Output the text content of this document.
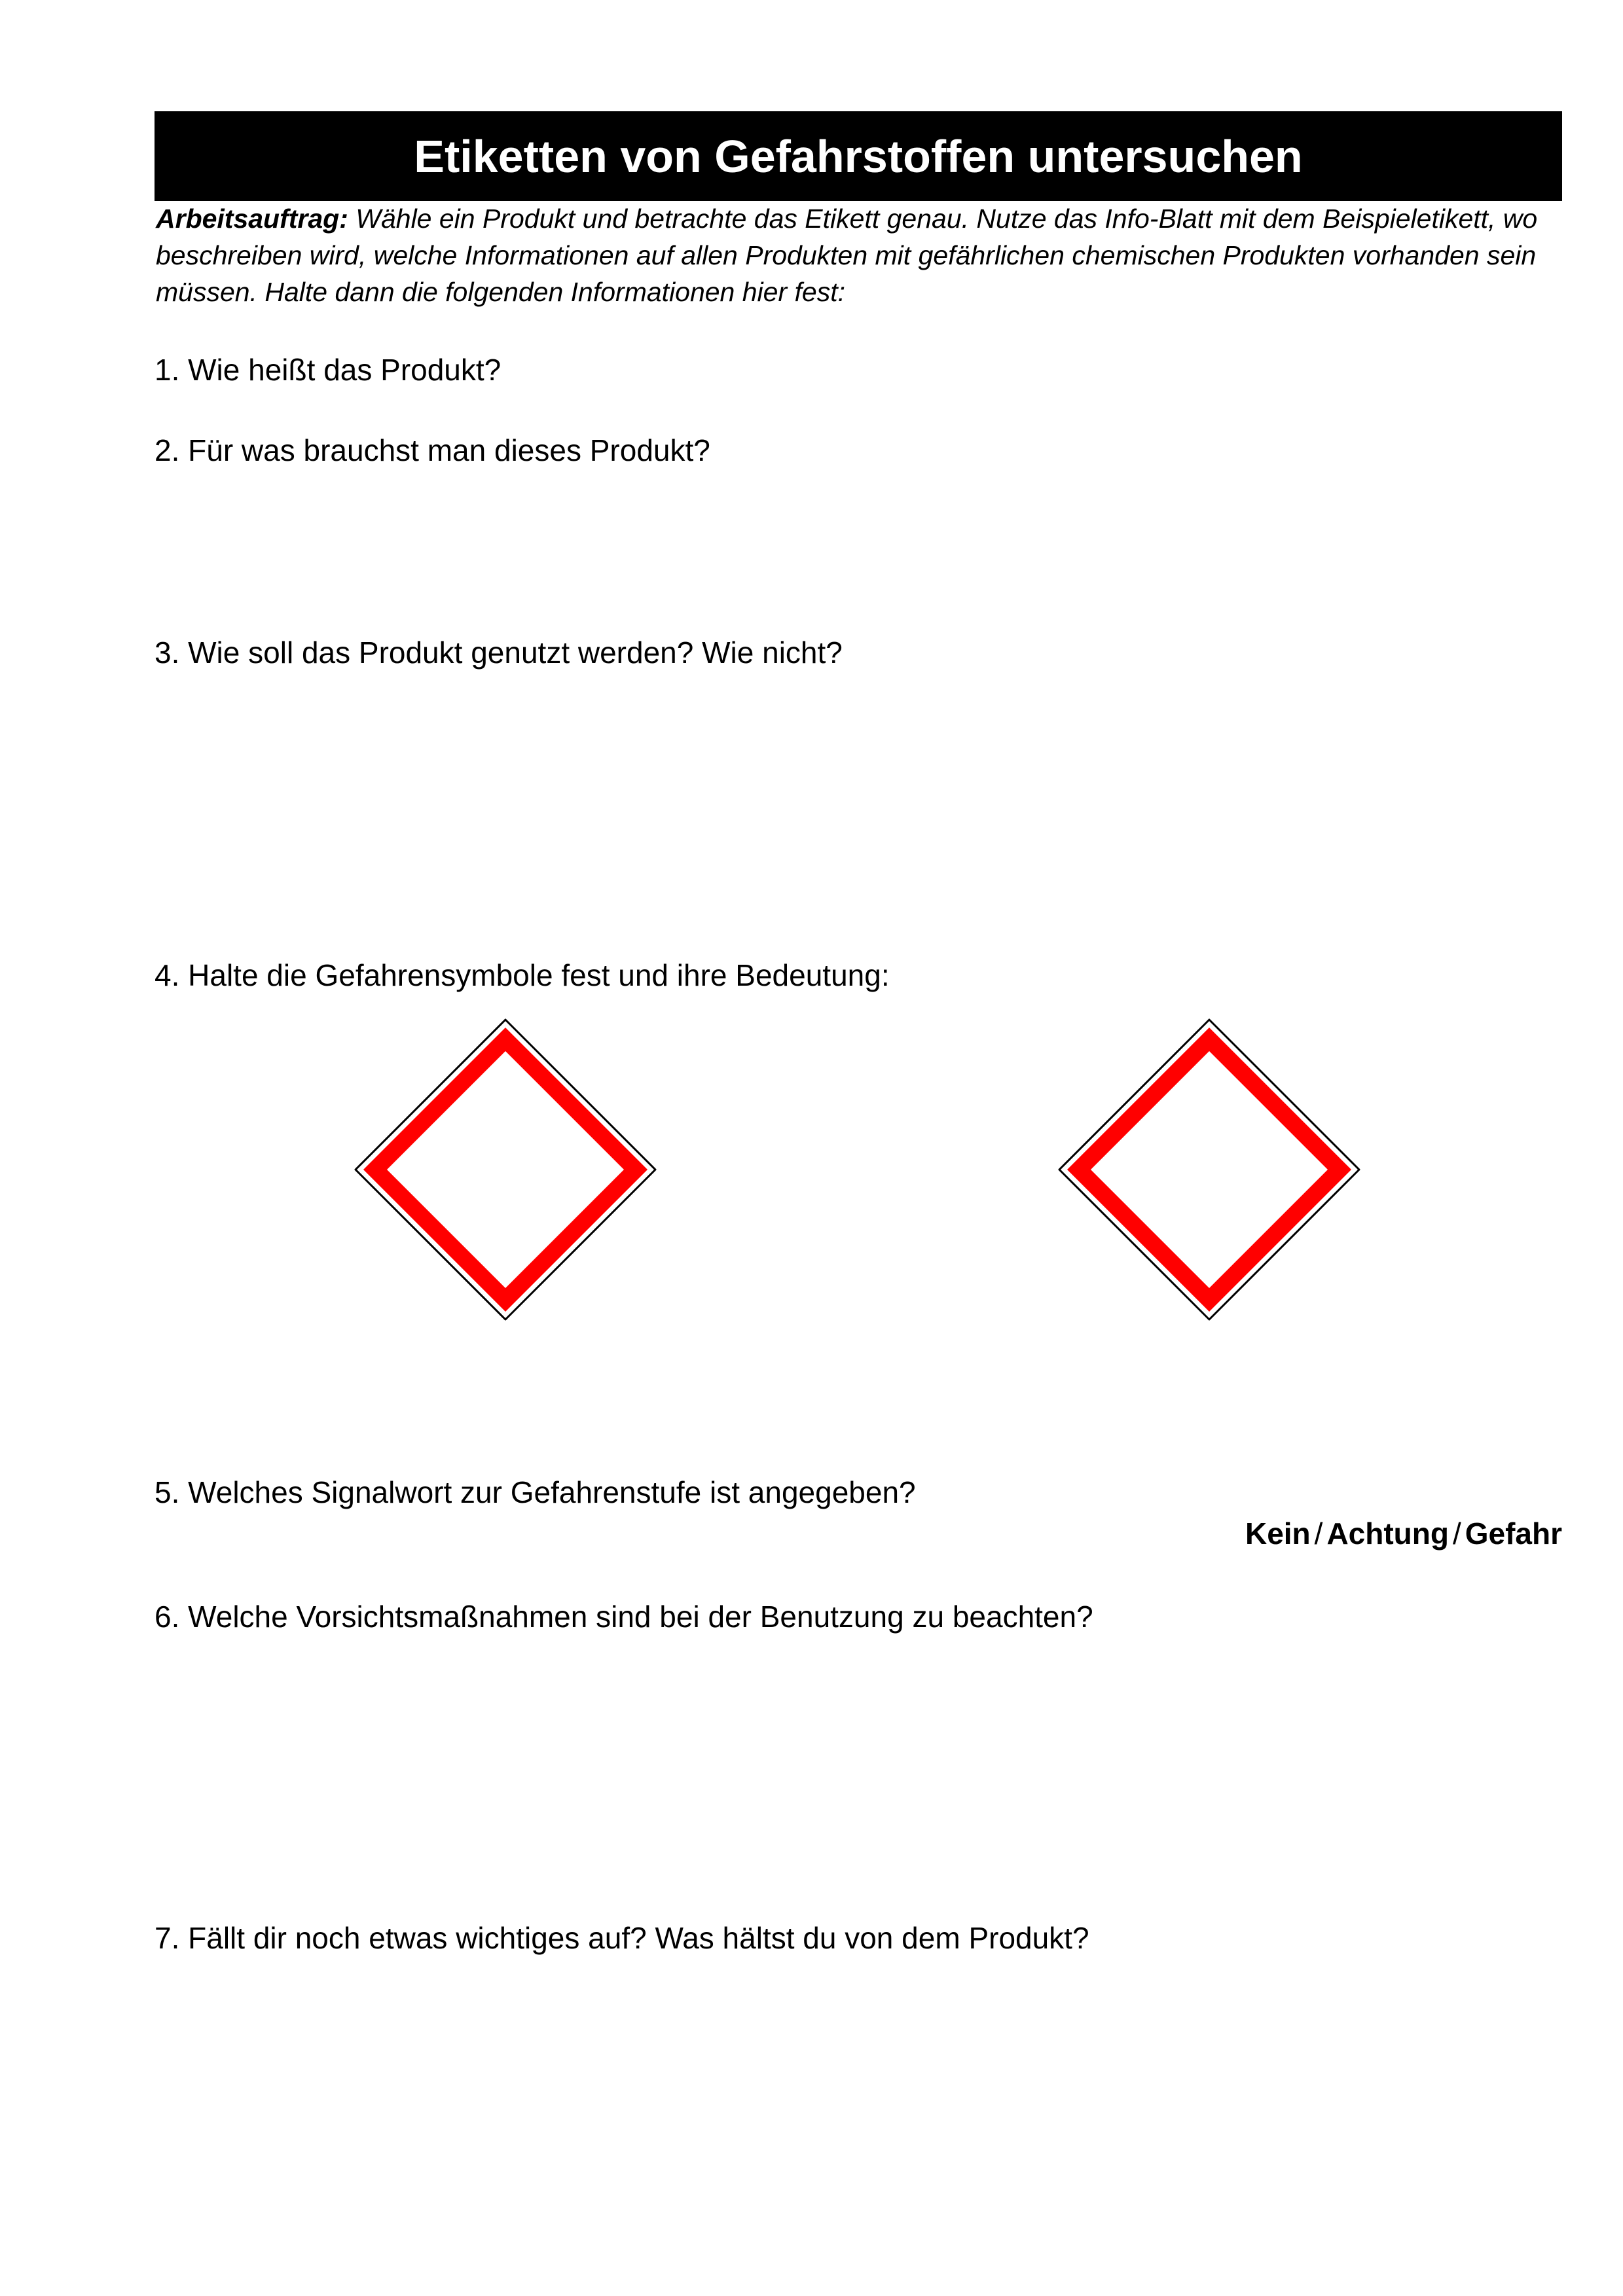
Etiketten von Gefahrstoffen untersuchen
Arbeitsauftrag: Wähle ein Produkt und betrachte das Etikett genau. Nutze das Info-Blatt mit dem Beispieletikett, wo beschreiben wird, welche Informationen auf allen Produkten mit gefährlichen chemischen Produkten vorhanden sein müssen. Halte dann die folgenden Informationen hier fest:
1. Wie heißt das Produkt?
2. Für was brauchst man dieses Produkt?
3. Wie soll das Produkt genutzt werden? Wie nicht?
4. Halte die Gefahrensymbole fest und ihre Bedeutung:
5. Welches Signalwort zur Gefahrenstufe ist angegeben?
Kein / Achtung / Gefahr
6. Welche Vorsichtsmaßnahmen sind bei der Benutzung zu beachten?
7. Fällt dir noch etwas wichtiges auf? Was hältst du von dem Produkt?
